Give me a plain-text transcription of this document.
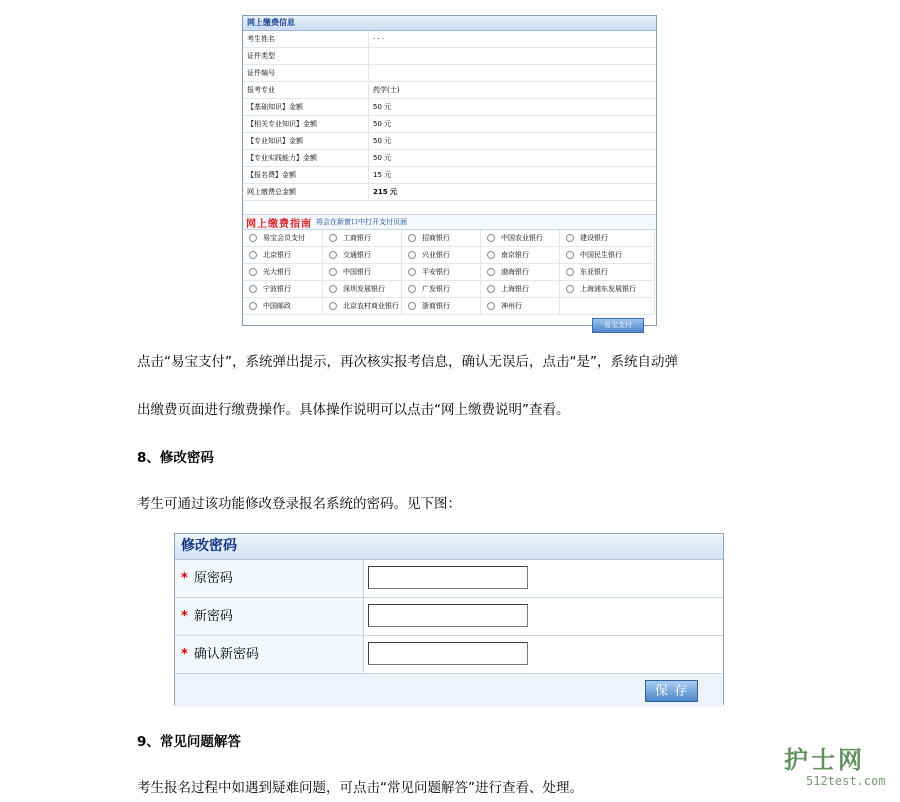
网上缴费信息
考生姓名	· · ·
证件类型
证件编号
报考专业	药学(士)
【基础知识】金额	50 元
【相关专业知识】金额	50 元
【专业知识】金额	50 元
【专业实践能力】金额	50 元
【报名费】金额	15 元
网上缴费总金额	215 元
网上缴费指南 将会在新窗口中打开支付页面
易宝会员支付	工商银行	招商银行	中国农业银行	建设银行
北京银行	交通银行	兴业银行	南京银行	中国民生银行
光大银行	中国银行	平安银行	渤海银行	东亚银行
宁波银行	深圳发展银行	广发银行	上海银行	上海浦东发展银行
中国邮政	北京农村商业银行	浙商银行	神州行
易宝支付
点击“易宝支付”，系统弹出提示，再次核实报考信息，确认无误后，点击“是”，系统自动弹
出缴费页面进行缴费操作。具体操作说明可以点击“网上缴费说明”查看。
8、修改密码
考生可通过该功能修改登录报名系统的密码。见下图：
修改密码
* 原密码
* 新密码
* 确认新密码
保存
9、常见问题解答
考生报名过程中如遇到疑难问题，可点击“常见问题解答”进行查看、处理。
护士网
512test.com
